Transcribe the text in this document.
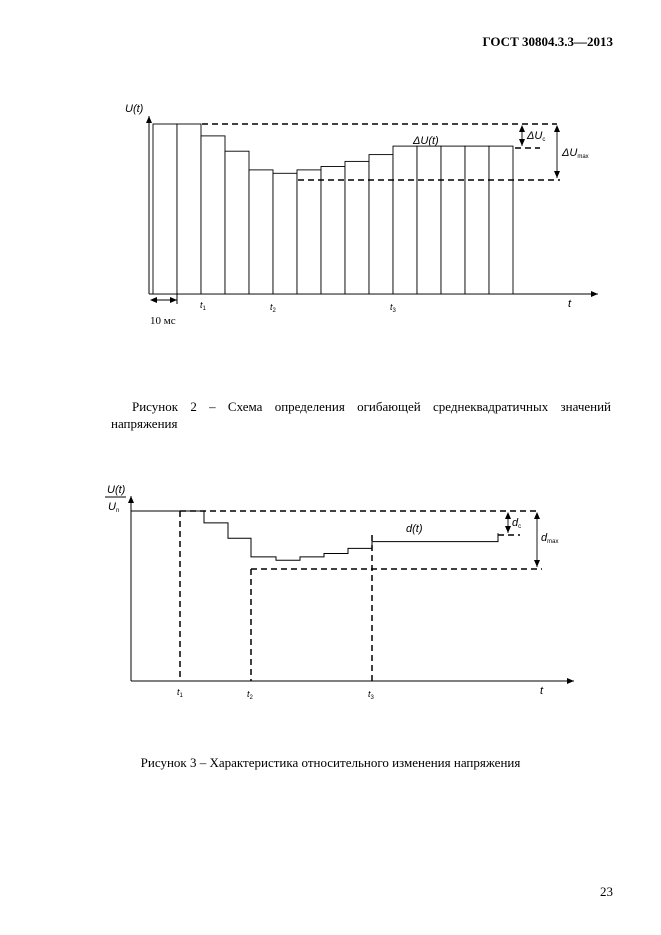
ГОСТ 30804.3.3—2013
U(t)
t
$t_1$	$t_2$	$t_3$
10 мс
ΔU(t)	ΔUc
ΔUmax
U(t)
Un
t
$t_1$	$t_2$	$t_3$
d(t)	dc
dmax
Рисунок 2 – Схема определения огибающей среднеквадратичных значений напряжения
Рисунок 3 – Характеристика относительного изменения напряжения
23
